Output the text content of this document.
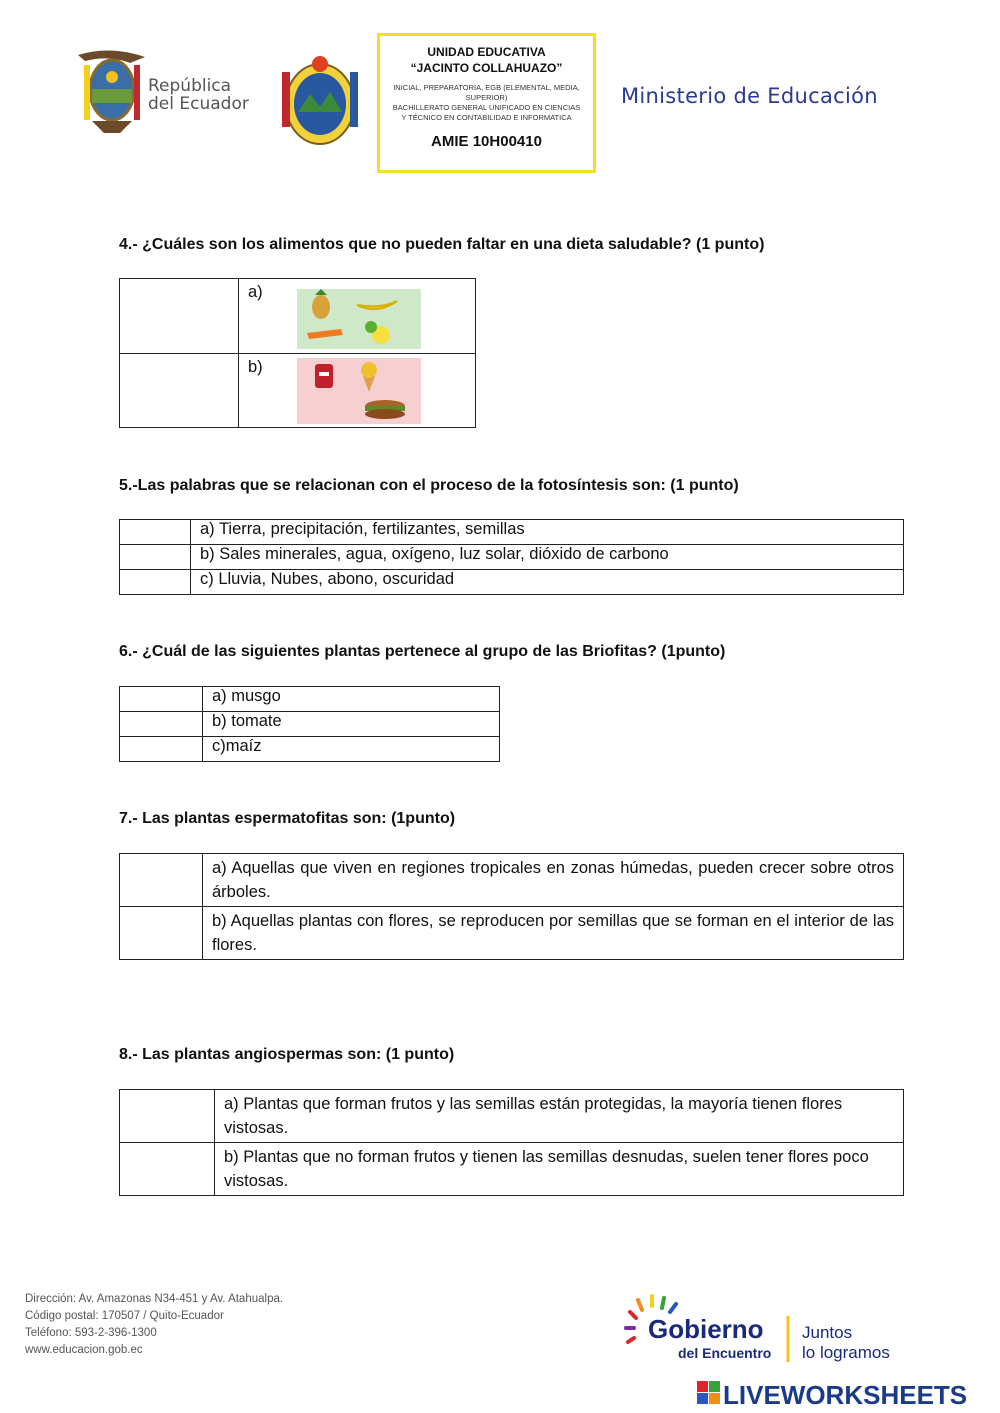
República
del Ecuador
UNIDAD EDUCATIVA
“JACINTO COLLAHUAZO”
INICIAL, PREPARATORIA, EGB (ELEMENTAL, MEDIA, SUPERIOR)
BACHILLERATO GENERAL UNIFICADO EN CIENCIAS
Y TÉCNICO EN CONTABILIDAD E INFORMATICA
AMIE 10H00410
Ministerio de Educación
4.- ¿Cuáles son los alimentos que no pueden faltar en una dieta saludable? (1 punto)

	a)

	b)
5.-Las palabras que se relacionan con el proceso de la fotosíntesis son: (1 punto)
	a) Tierra, precipitación, fertilizantes, semillas
	b) Sales minerales, agua, oxígeno, luz solar, dióxido de carbono
	c) Lluvia, Nubes, abono, oscuridad
6.- ¿Cuál de las siguientes plantas pertenece al grupo de las Briofitas? (1punto)
	a) musgo
	b) tomate
	c)maíz
7.- Las plantas espermatofitas son: (1punto)
	a) Aquellas que viven en regiones tropicales en zonas húmedas, pueden crecer sobre otros árboles.
	b) Aquellas plantas con flores, se reproducen por semillas que se forman en el interior de las flores.
8.- Las plantas angiospermas son: (1 punto)
	a) Plantas que forman frutos y las semillas están protegidas, la mayoría tienen flores vistosas.
	b) Plantas que no forman frutos y tienen las semillas desnudas, suelen tener flores poco vistosas.
Dirección: Av. Amazonas N34-451 y Av. Atahualpa.
Código postal: 170507 / Quito-Ecuador
Teléfono: 593-2-396-1300
www.educacion.gob.ec
Gobierno
del Encuentro
Juntos
lo logramos
LIVEWORKSHEETS
